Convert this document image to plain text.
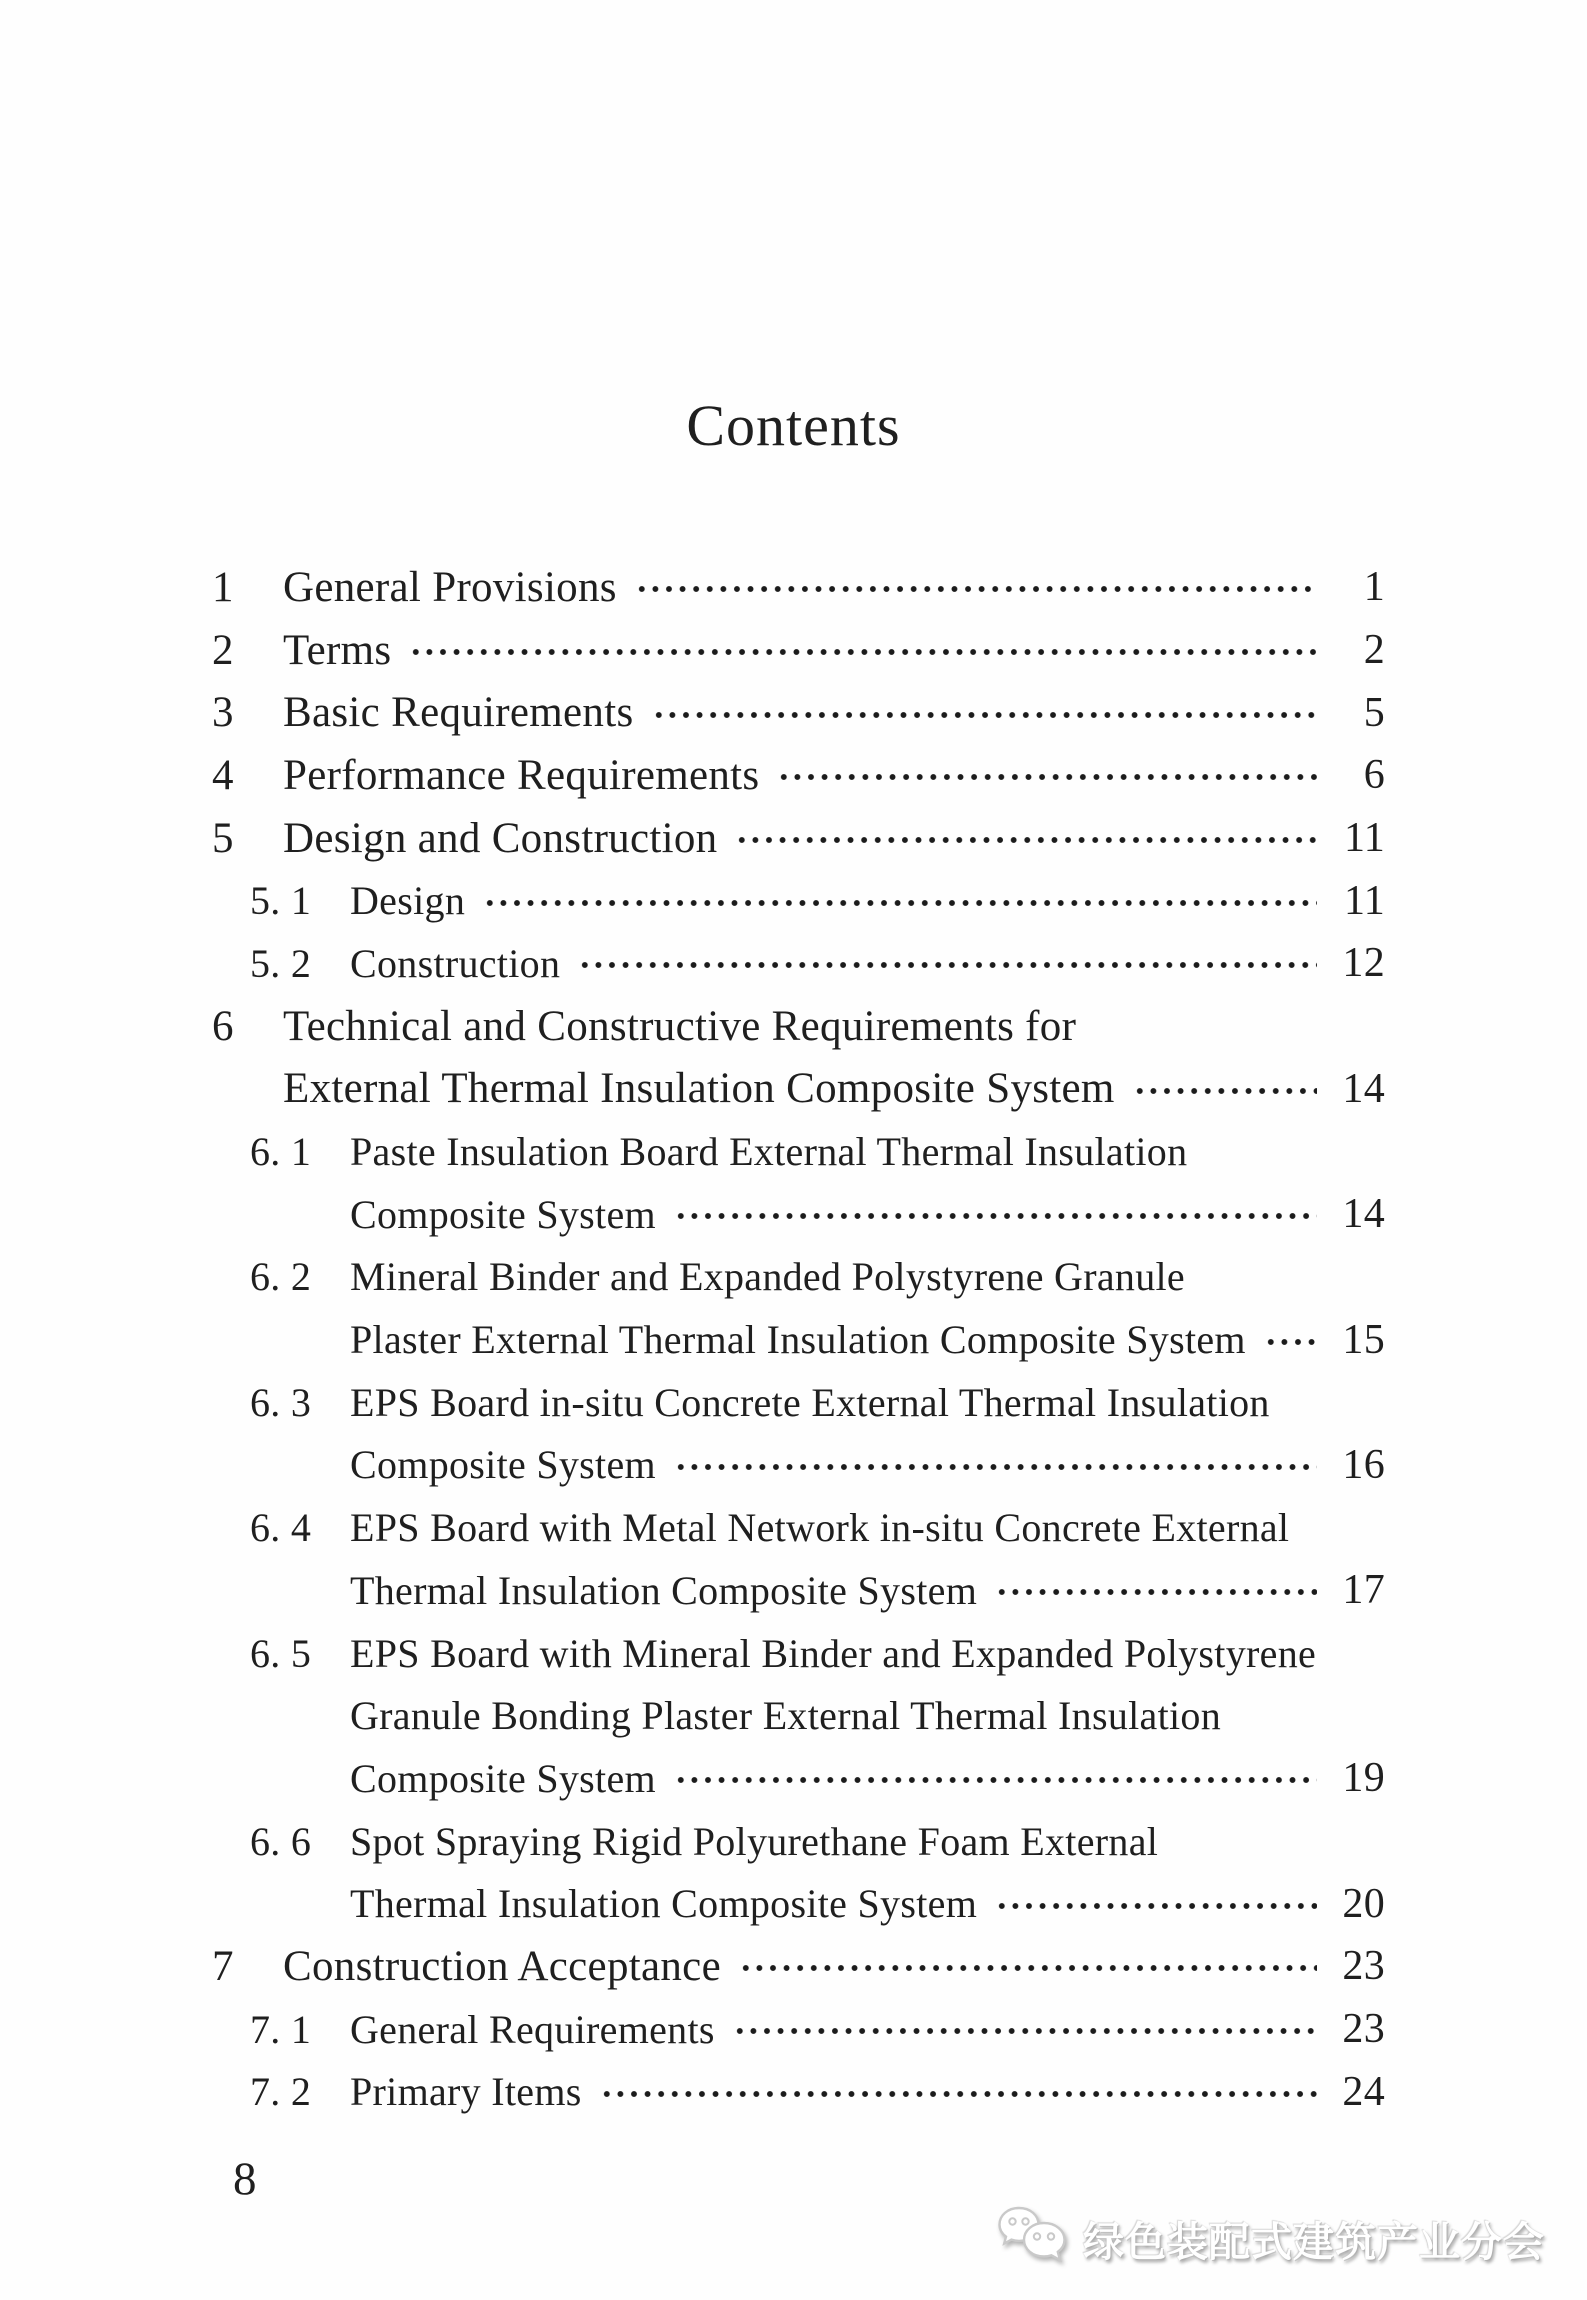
Contents
1	General Provisions	1
2	Terms	2
3	Basic Requirements	5
4	Performance Requirements	6
5	Design and Construction	11
5. 1 Design	11
5. 2 Construction	12
6	Technical and Constructive Requirements for
External Thermal Insulation Composite System	14
6. 1 Paste Insulation Board External Thermal Insulation
Composite System	14
6. 2 Mineral Binder and Expanded Polystyrene Granule
Plaster External Thermal Insulation Composite System 15
6. 3 EPS Board in-situ Concrete External Thermal Insulation
Composite System	16
6. 4 EPS Board with Metal Network in-situ Concrete External
Thermal Insulation Composite System	17
6. 5 EPS Board with Mineral Binder and Expanded Polystyrene
Granule Bonding Plaster External Thermal Insulation
Composite System	19
6. 6 Spot Spraying Rigid Polyurethane Foam External
Thermal Insulation Composite System	20
7	Construction Acceptance	23
7. 1 General Requirements	23
7. 2 Primary Items	24
8
绿色装配式建筑产业分会
